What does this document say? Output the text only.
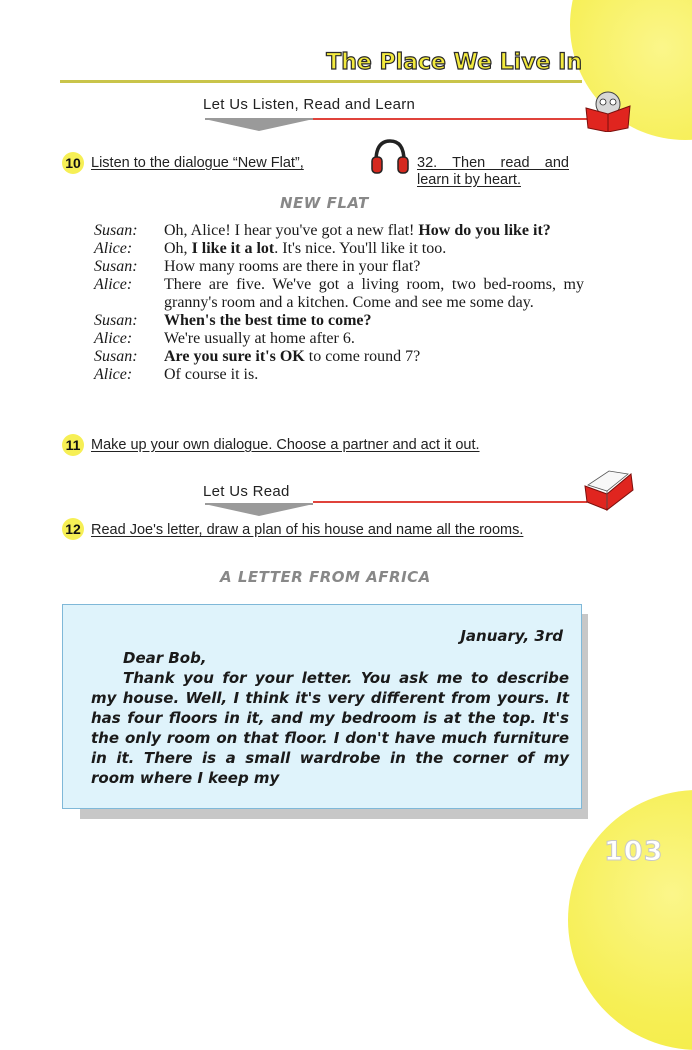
The Place We Live In
Let Us Listen, Read and Learn
10 Listen to the dialogue “New Flat”,	32. Then read and learn it by heart.
NEW FLAT
Susan:	Oh, Alice! I hear you've got a new flat! How do you like it?
Alice:	Oh, I like it a lot. It's nice. You'll like it too.
Susan:	How many rooms are there in your flat?
Alice:	There are five. We've got a living room, two bed-rooms, my granny's room and a kitchen. Come and see me some day.
Susan:	When's the best time to come?
Alice:	We're usually at home after 6.
Susan:	Are you sure it's OK to come round 7?
Alice:	Of course it is.
11 Make up your own dialogue. Choose a partner and act it out.
Let Us Read
12 Read Joe's letter, draw a plan of his house and name all the rooms.
A LETTER FROM AFRICA
January, 3rd

Dear Bob,

Thank you for your letter. You ask me to describe my house. Well, I think it's very different from yours. It has four floors in it, and my bedroom is at the top. It's the only room on that floor. I don't have much furniture in it. There is a small wardrobe in the corner of my room where I keep my

103
